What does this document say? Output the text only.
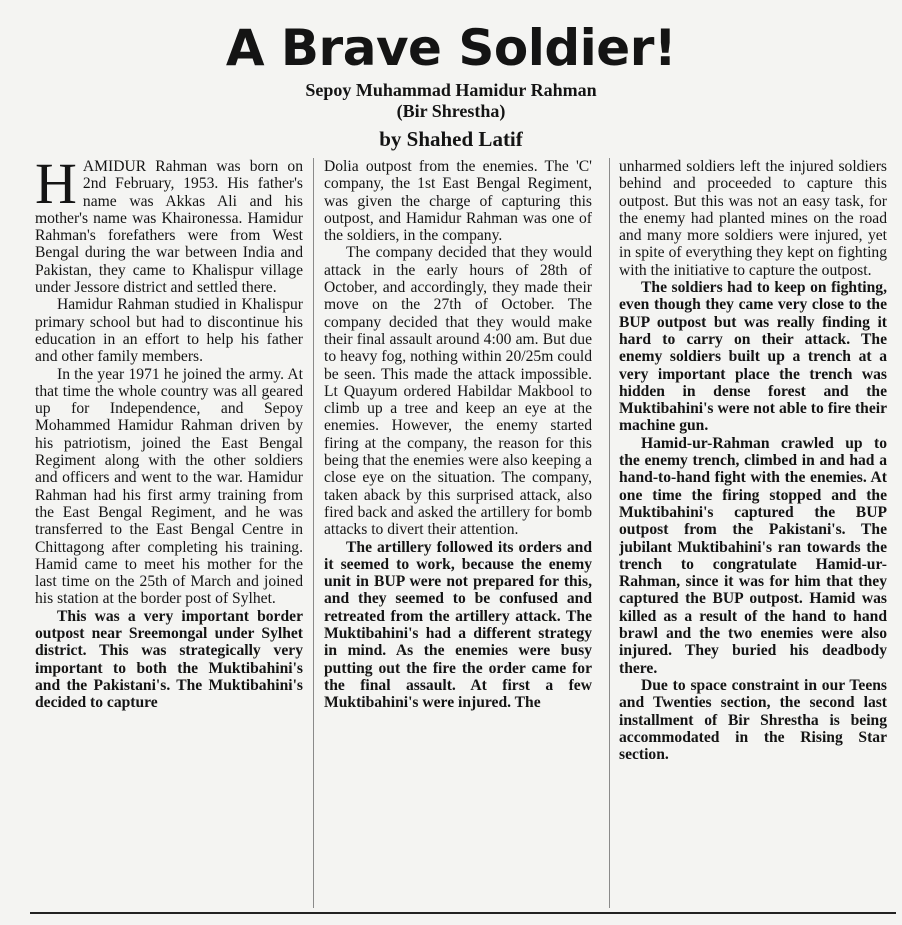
A Brave Soldier!
Sepoy Muhammad Hamidur Rahman
(Bir Shrestha)
by Shahed Latif

HAMIDUR Rahman was born on 2nd February, 1953. His father's name was Akkas Ali and his mother's name was Khaironessa. Hamidur Rahman's forefathers were from West Bengal during the war between India and Pakistan, they came to Khalispur village under Jessore district and settled there.

Hamidur Rahman studied in Khalispur primary school but had to discontinue his education in an effort to help his father and other family members.

In the year 1971 he joined the army. At that time the whole country was all geared up for Independence, and Sepoy Mohammed Hamidur Rahman driven by his patriotism, joined the East Bengal Regiment along with the other soldiers and officers and went to the war. Hamidur Rahman had his first army training from the East Bengal Regiment, and he was transferred to the East Bengal Centre in Chittagong after completing his training. Hamid came to meet his mother for the last time on the 25th of March and joined his station at the border post of Sylhet.

This was a very important border outpost near Sreemongal under Sylhet district. This was strategically very important to both the Muktibahini's and the Pakistani's. The Muktibahini's decided to capture

Dolia outpost from the enemies. The 'C' company, the 1st East Bengal Regiment, was given the charge of capturing this outpost, and Hamidur Rahman was one of the soldiers, in the company.

The company decided that they would attack in the early hours of 28th of October, and accordingly, they made their move on the 27th of October. The company decided that they would make their final assault around 4:00 am. But due to heavy fog, nothing within 20/25m could be seen. This made the attack impossible. Lt Quayum ordered Habildar Makbool to climb up a tree and keep an eye at the enemies. However, the enemy started firing at the company, the reason for this being that the enemies were also keeping a close eye on the situation. The company, taken aback by this surprised attack, also fired back and asked the artillery for bomb attacks to divert their attention.

The artillery followed its orders and it seemed to work, because the enemy unit in BUP were not prepared for this, and they seemed to be confused and retreated from the artillery attack. The Muktibahini's had a different strategy in mind. As the enemies were busy putting out the fire the order came for the final assault. At first a few Muktibahini's were injured. The

unharmed soldiers left the injured soldiers behind and proceeded to capture this outpost. But this was not an easy task, for the enemy had planted mines on the road and many more soldiers were injured, yet in spite of everything they kept on fighting with the initiative to capture the outpost.

The soldiers had to keep on fighting, even though they came very close to the BUP outpost but was really finding it hard to carry on their attack. The enemy soldiers built up a trench at a very important place the trench was hidden in dense forest and the Muktibahini's were not able to fire their machine gun.

Hamid-ur-Rahman crawled up to the enemy trench, climbed in and had a hand-to-hand fight with the enemies. At one time the firing stopped and the Muktibahini's captured the BUP outpost from the Pakistani's. The jubilant Muktibahini's ran towards the trench to congratulate Hamid-ur-Rahman, since it was for him that they captured the BUP outpost. Hamid was killed as a result of the hand to hand brawl and the two enemies were also injured. They buried his deadbody there.

Due to space constraint in our Teens and Twenties section, the second last installment of Bir Shrestha is being accommodated in the Rising Star section.
